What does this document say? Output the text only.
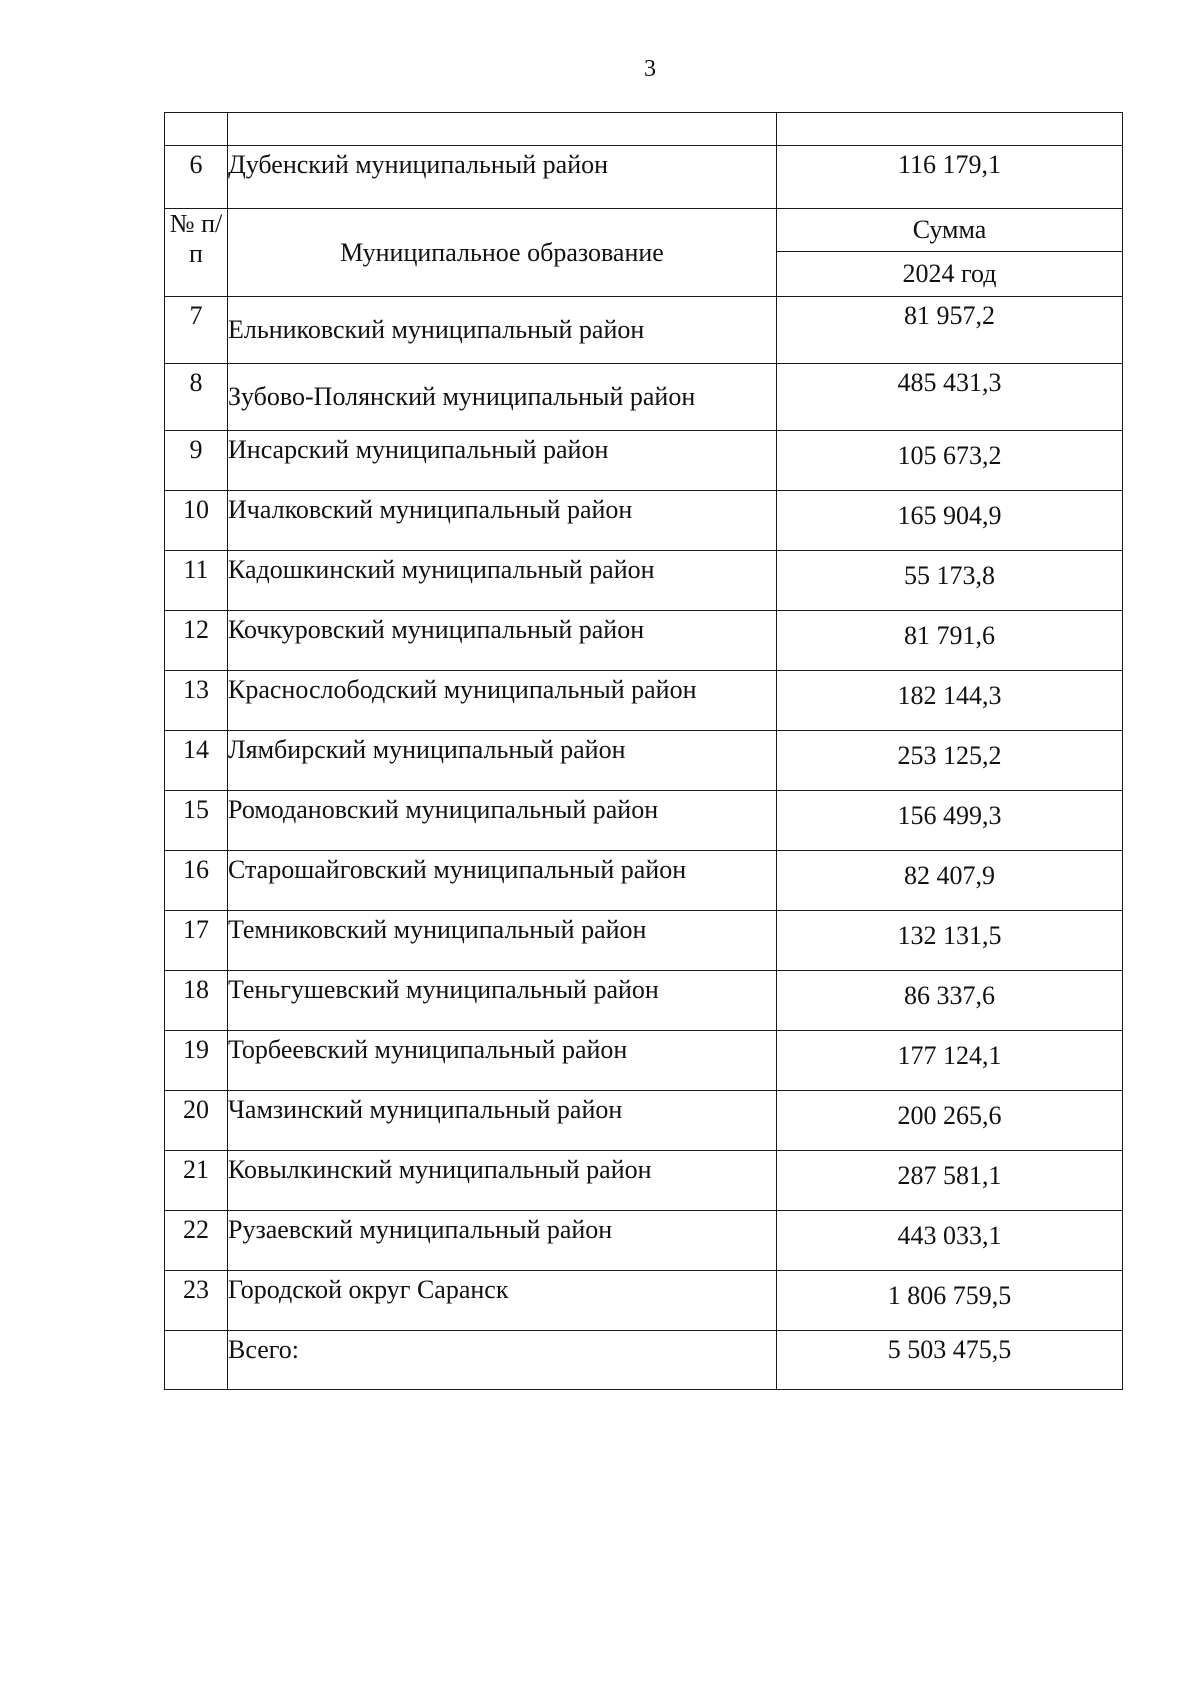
3

6	Дубенский муниципальный район	116 179,1
№ п/п	Муниципальное образование	Сумма
		2024 год

7	Ельниковский муниципальный район	81 957,2

8	Зубово-Полянский муниципальный район	485 431,3

9	Инсарский муниципальный район	105 673,2

10	Ичалковский муниципальный район	165 904,9

11	Кадошкинский муниципальный район	55 173,8

12	Кочкуровский муниципальный район	81 791,6

13	Краснослободский муниципальный район	182 144,3

14	Лямбирский муниципальный район	253 125,2

15	Ромодановский муниципальный район	156 499,3

16	Старошайговский муниципальный район	82 407,9

17	Темниковский муниципальный район	132 131,5

18	Теньгушевский муниципальный район	86 337,6

19	Торбеевский муниципальный район	177 124,1

20	Чамзинский муниципальный район	200 265,6

21	Ковылкинский муниципальный район	287 581,1

22	Рузаевский муниципальный район	443 033,1

23	Городской округ Саранск	1 806 759,5

	Всего:	5 503 475,5
